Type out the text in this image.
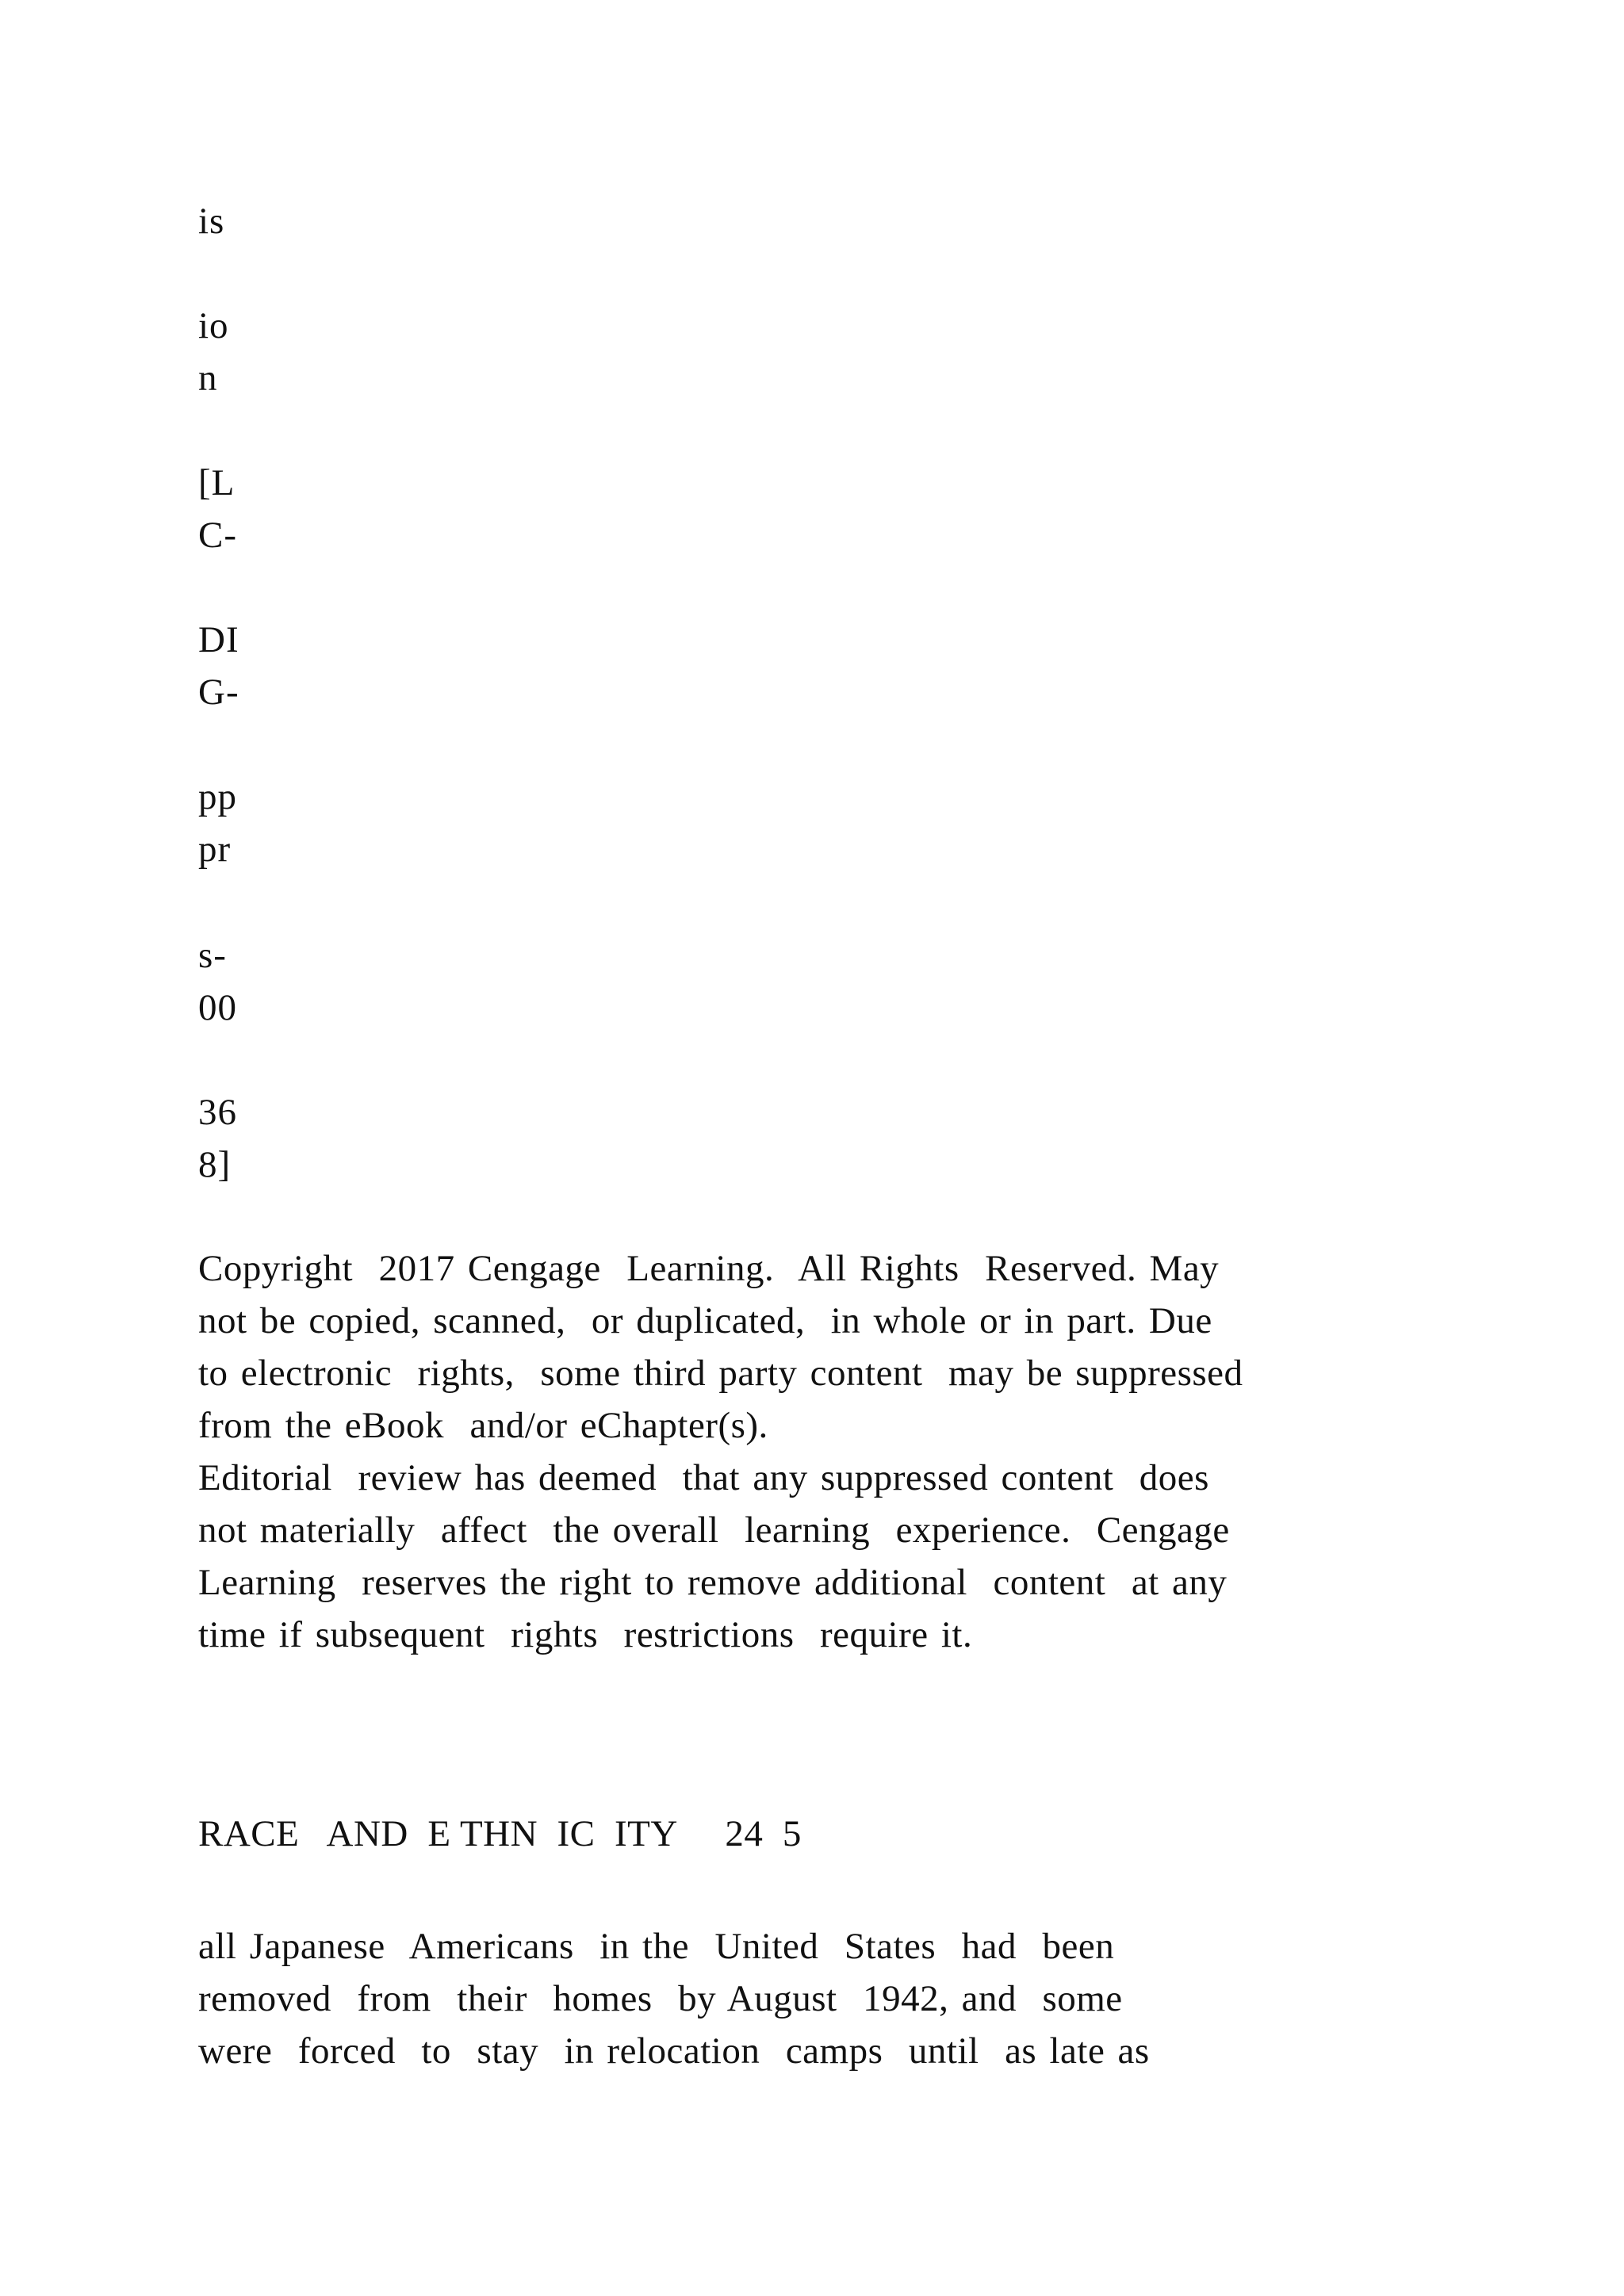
is
io
n
[L
C-
DI
G-
pp
pr
s-
00
36
8]
Copyright  2017 Cengage  Learning.  All Rights  Reserved. May
not be copied, scanned,  or duplicated,  in whole or in part. Due
to electronic  rights,  some third party content  may be suppressed
from the eBook  and/or eChapter(s).
Editorial  review has deemed  that any suppressed content  does
not materially  affect  the overall  learning  experience.  Cengage
Learning  reserves the right to remove additional  content  at any
time if subsequent  rights  restrictions  require it.
RACE   AND  E THN  IC  ITY     24  5
all Japanese  Americans  in the  United  States  had  been
removed  from  their  homes  by August  1942, and  some
were  forced  to  stay  in relocation  camps  until  as late as
